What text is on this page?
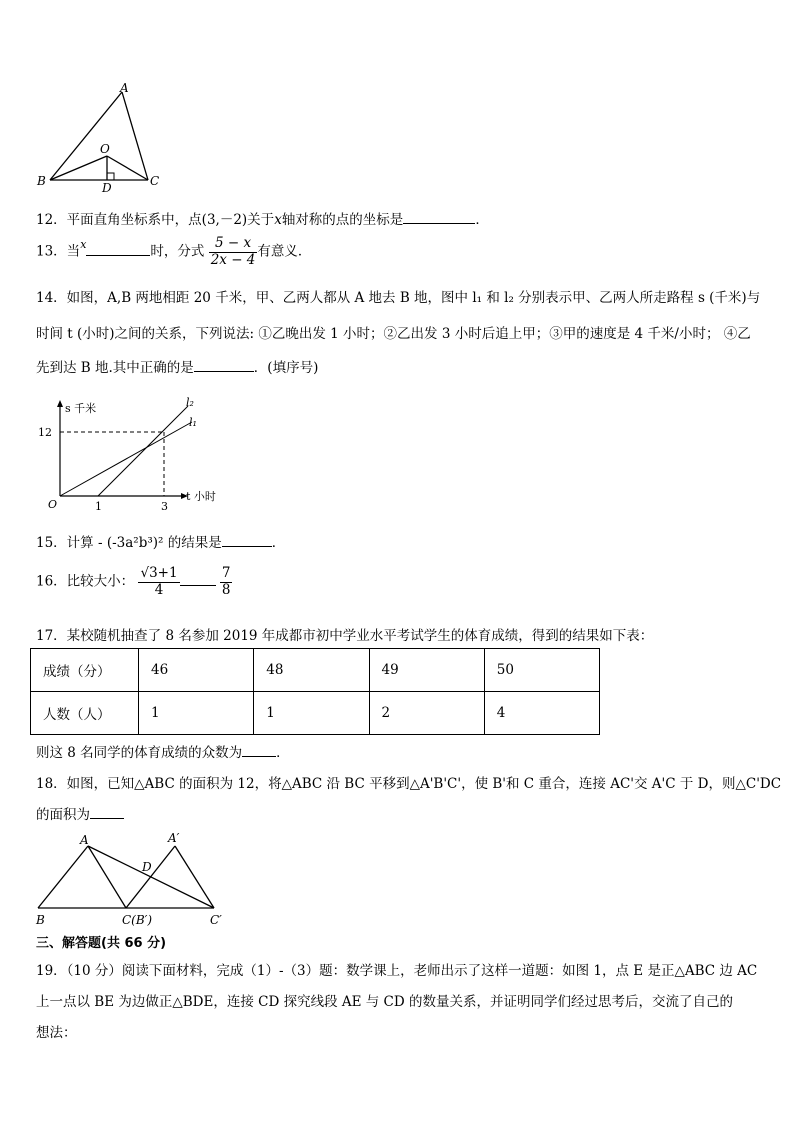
A
O
B	C
D
12．平面直角坐标系中，点(3,－2)关于x轴对称的点的坐标是	．
13．当$^x$	时，分式 $\frac{5 - x}{2x - 4}$ 有意义．
14．如图，A,B 两地相距 20 千米，甲、乙两人都从 A 地去 B 地，图中 l₁ 和 l₂ 分别表示甲、乙两人所走路程 s (千米)与
时间 t (小时)之间的关系，下列说法: ①乙晚出发 1 小时；②乙出发 3 小时后追上甲；③甲的速度是 4 千米/小时； ④乙
先到达 B 地.其中正确的是	．(填序号)
s 千米
t 小时
12
1	3
O
l₂
l₁
15．计算 - (-3a²b³)² 的结果是	．
16．比较大小： $\frac{√3+1}{4}$
	$\frac{7}{8}$
17．某校随机抽查了 8 名参加 2019 年成都市初中学业水平考试学生的体育成绩，得到的结果如下表：
成绩（分）	46	48	49	50
人数（人）	1	1	2	4
则这 8 名同学的体育成绩的众数为	．
18．如图，已知△ABC 的面积为 12，将△ABC 沿 BC 平移到△A'B'C'，使 B'和 C 重合，连接 AC'交 A'C 于 D，则△C'DC
的面积为
A	A′
D
B	C(B′)	C′
三、解答题(共 66 分)
19．（10 分）阅读下面材料，完成（1）-（3）题：数学课上，老师出示了这样一道题：如图 1，点 E 是正△ABC 边 AC
上一点以 BE 为边做正△BDE，连接 CD 探究线段 AE 与 CD 的数量关系，并证明同学们经过思考后，交流了自己的
想法：
